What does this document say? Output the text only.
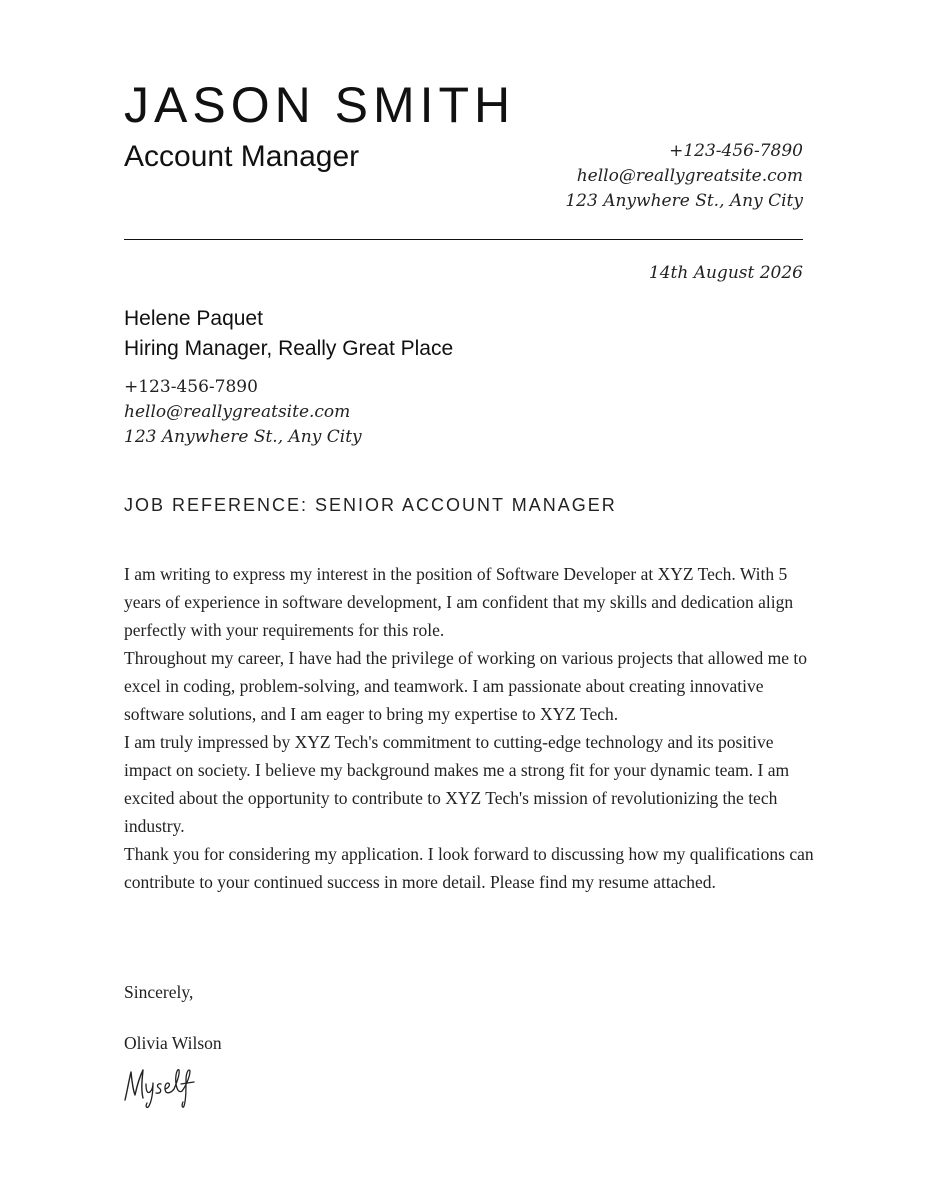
JASON SMITH
Account Manager	+123-456-7890
hello@reallygreatsite.com
123 Anywhere St., Any City
14th August 2026
Helene Paquet
Hiring Manager, Really Great Place
+123-456-7890
hello@reallygreatsite.com
123 Anywhere St., Any City
JOB REFERENCE: SENIOR ACCOUNT MANAGER

I am writing to express my interest in the position of Software Developer at XYZ Tech. With 5 years of experience in software development, I am confident that my skills and dedication align perfectly with your requirements for this role.

Throughout my career, I have had the privilege of working on various projects that allowed me to excel in coding, problem-solving, and teamwork. I am passionate about creating innovative software solutions, and I am eager to bring my expertise to XYZ Tech.

I am truly impressed by XYZ Tech's commitment to cutting-edge technology and its positive impact on society. I believe my background makes me a strong fit for your dynamic team. I am excited about the opportunity to contribute to XYZ Tech's mission of revolutionizing the tech industry.

Thank you for considering my application. I look forward to discussing how my qualifications can contribute to your continued success in more detail. Please find my resume attached.

Sincerely,
Olivia Wilson
